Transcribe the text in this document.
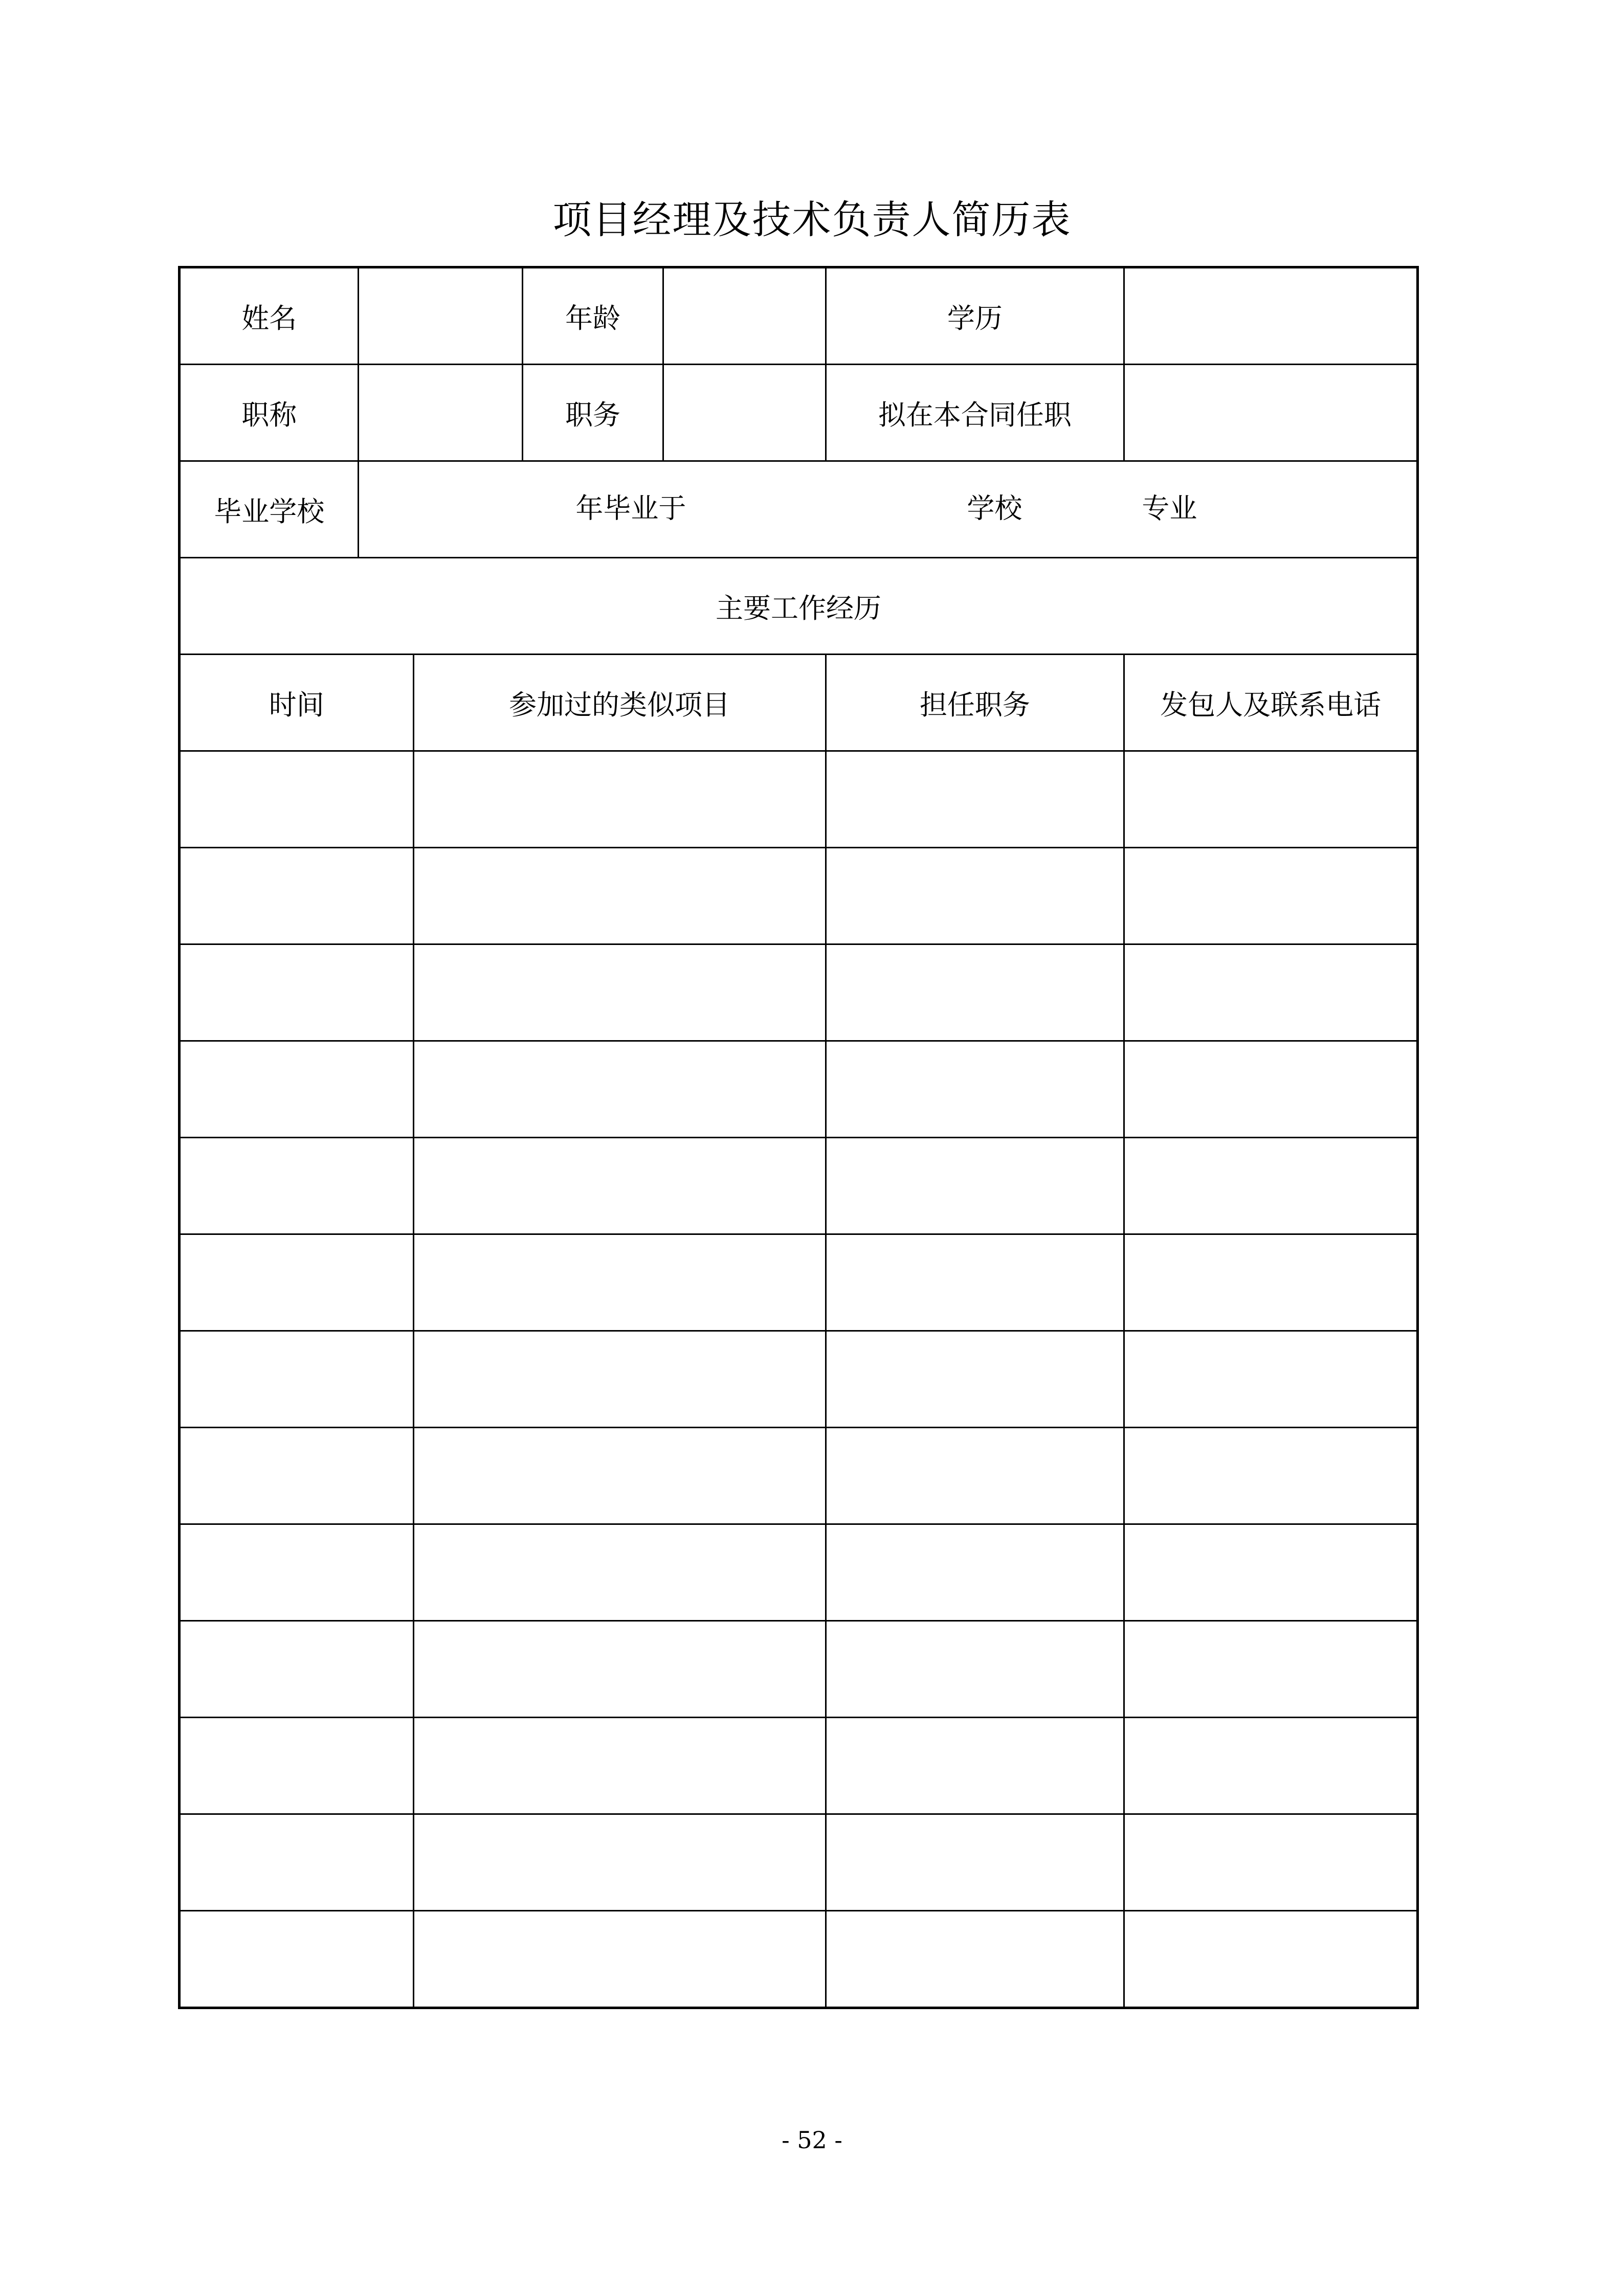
项目经理及技术负责人简历表
姓名			年龄		学历	
职称			职务		拟在本合同任职	
毕业学校	年毕业于 学校 专业					

主要工作经历						
时间		参加过的类似项目			担任职务	发包人及联系电话

- 52 -
